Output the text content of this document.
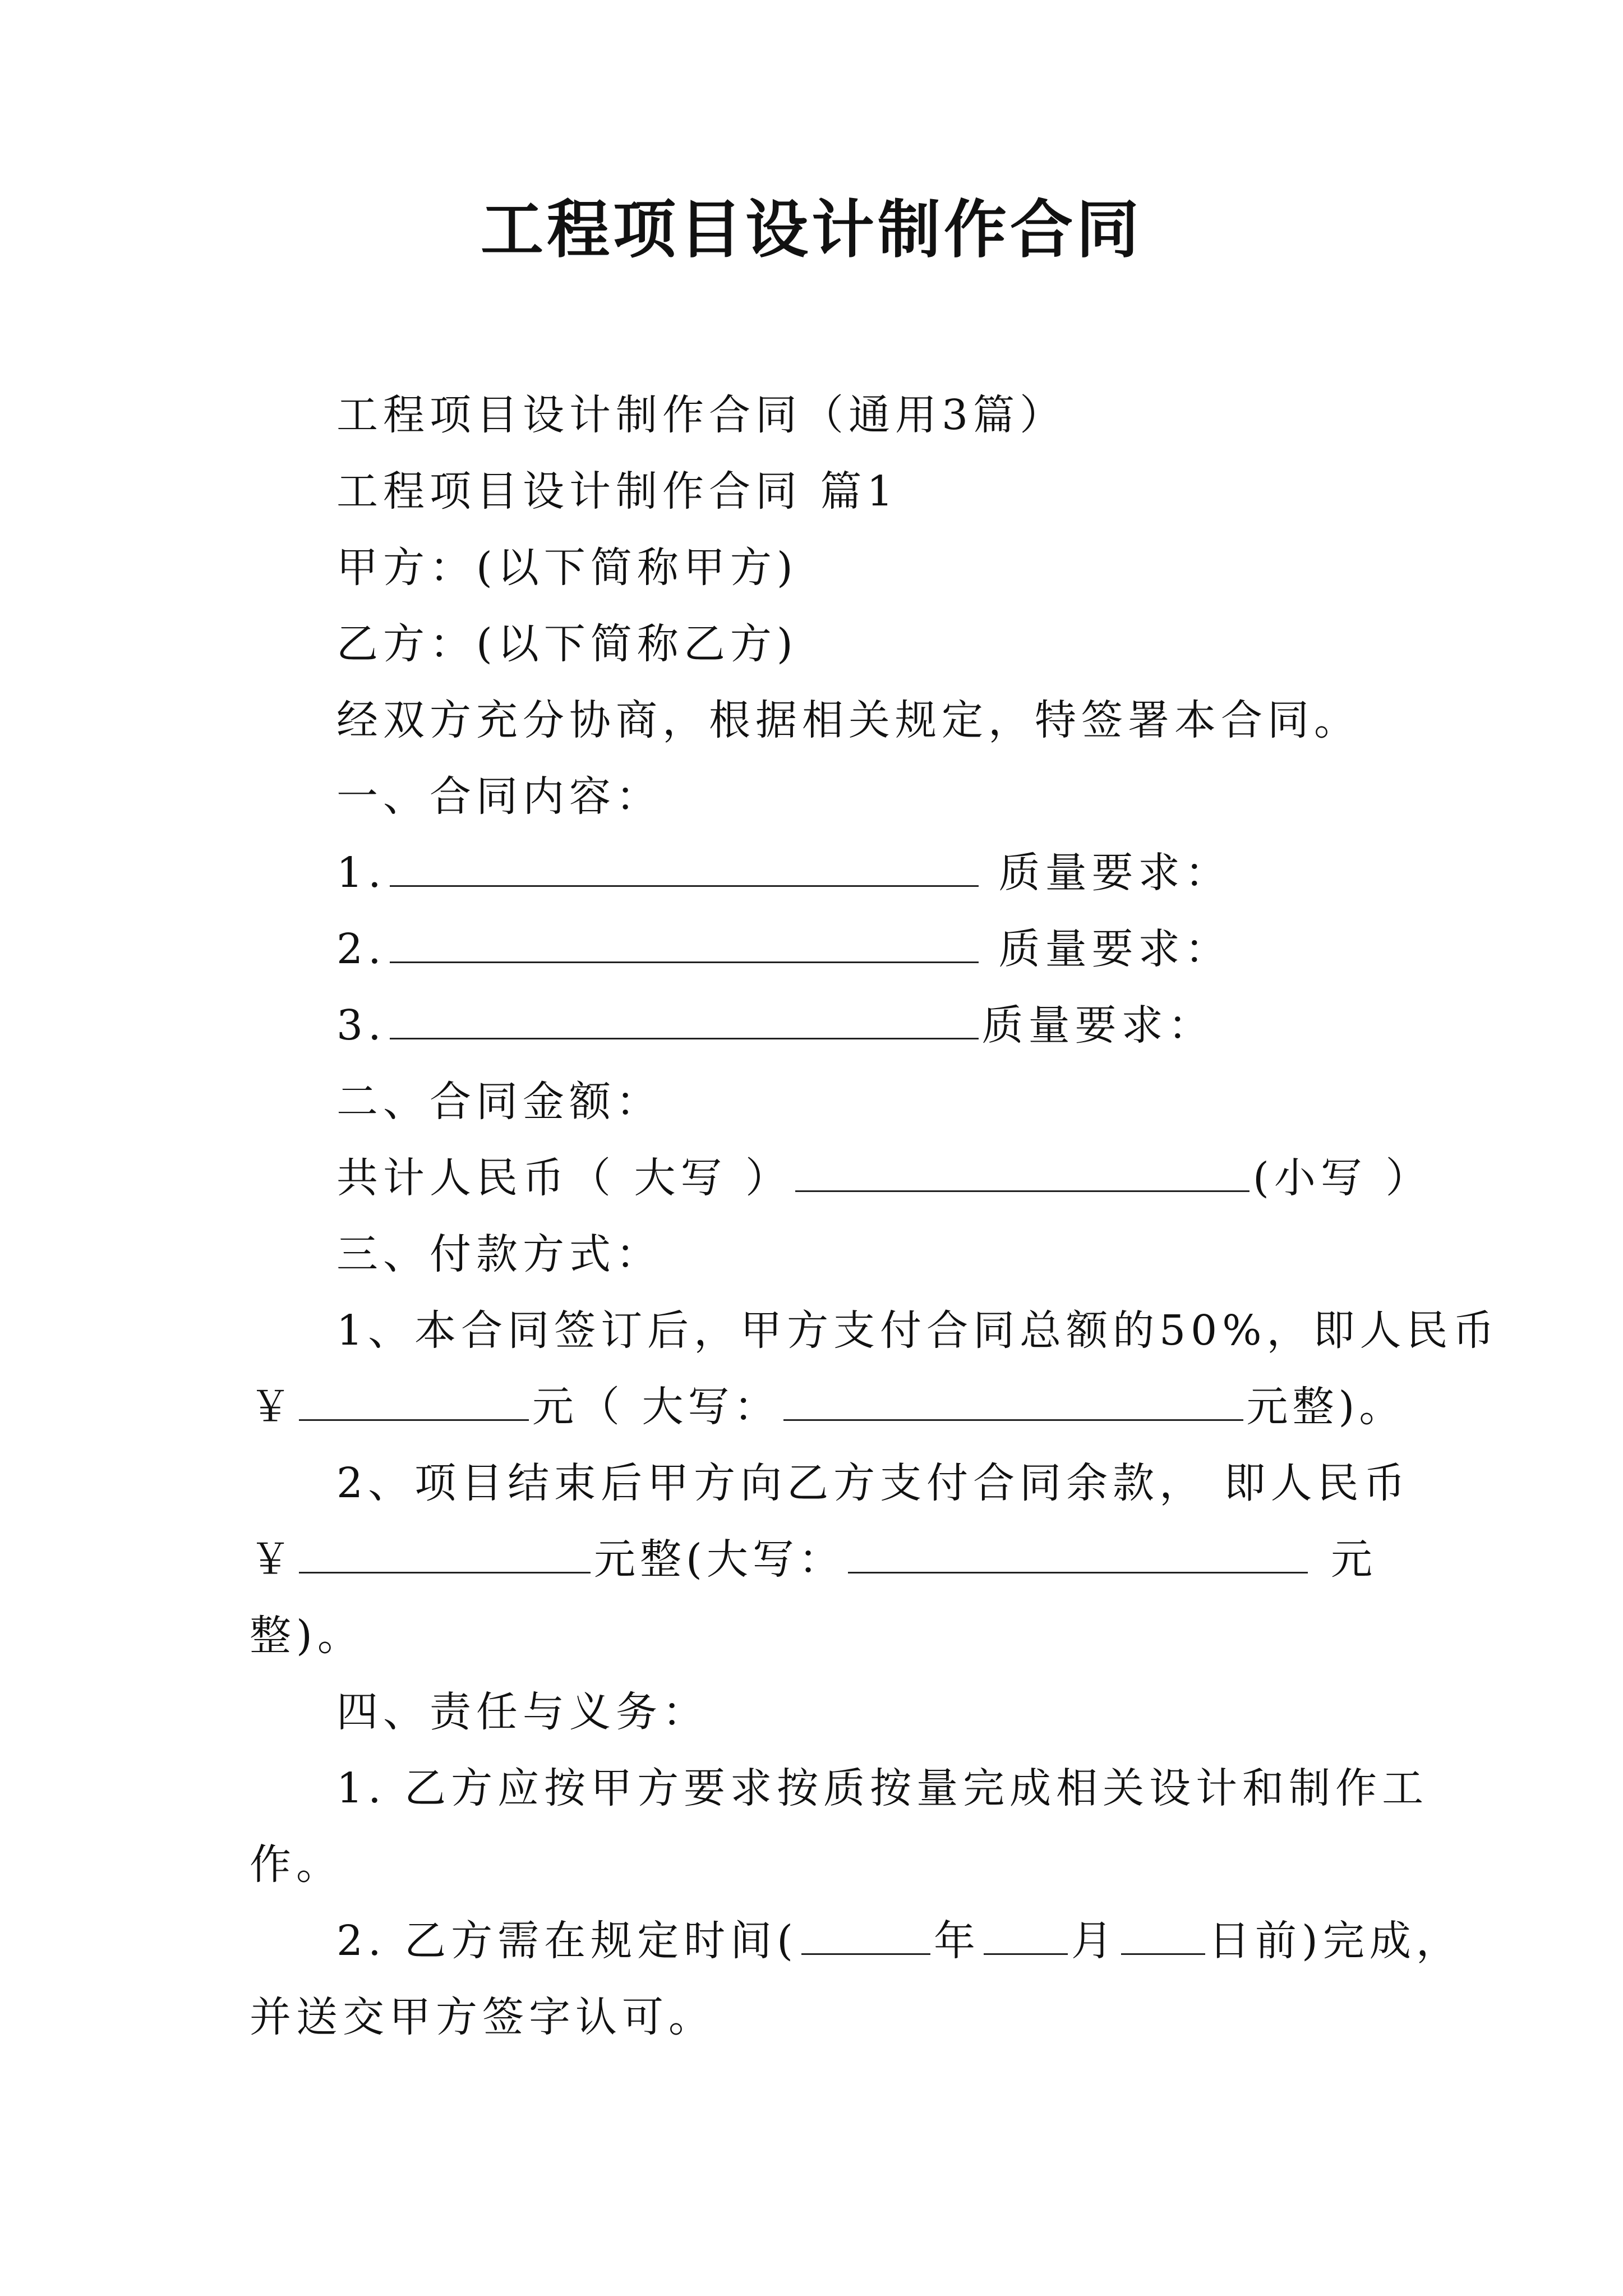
工程项目设计制作合同
工程项目设计制作合同（通用3篇）
工程项目设计制作合同 篇1
甲方：(以下简称甲方)
乙方：(以下简称乙方)
经双方充分协商，根据相关规定，特签署本合同。
一、合同内容：
1.	质量要求：
2.	质量要求：
3.	质量要求：
二、合同金额：
共计人民币（ 大写 ）	(小写 ）
三、付款方式：
1、本合同签订后，甲方支付合同总额的50%，即人民币
￥	元（ 大写：	元整)。
2、项目结束后甲方向乙方支付合同余款， 即人民币
￥	元整(大写：	元
整)。
四、责任与义务：
1. 乙方应按甲方要求按质按量完成相关设计和制作工
作。
2. 乙方需在规定时间(	年 月 日前)完成，
并送交甲方签字认可。
